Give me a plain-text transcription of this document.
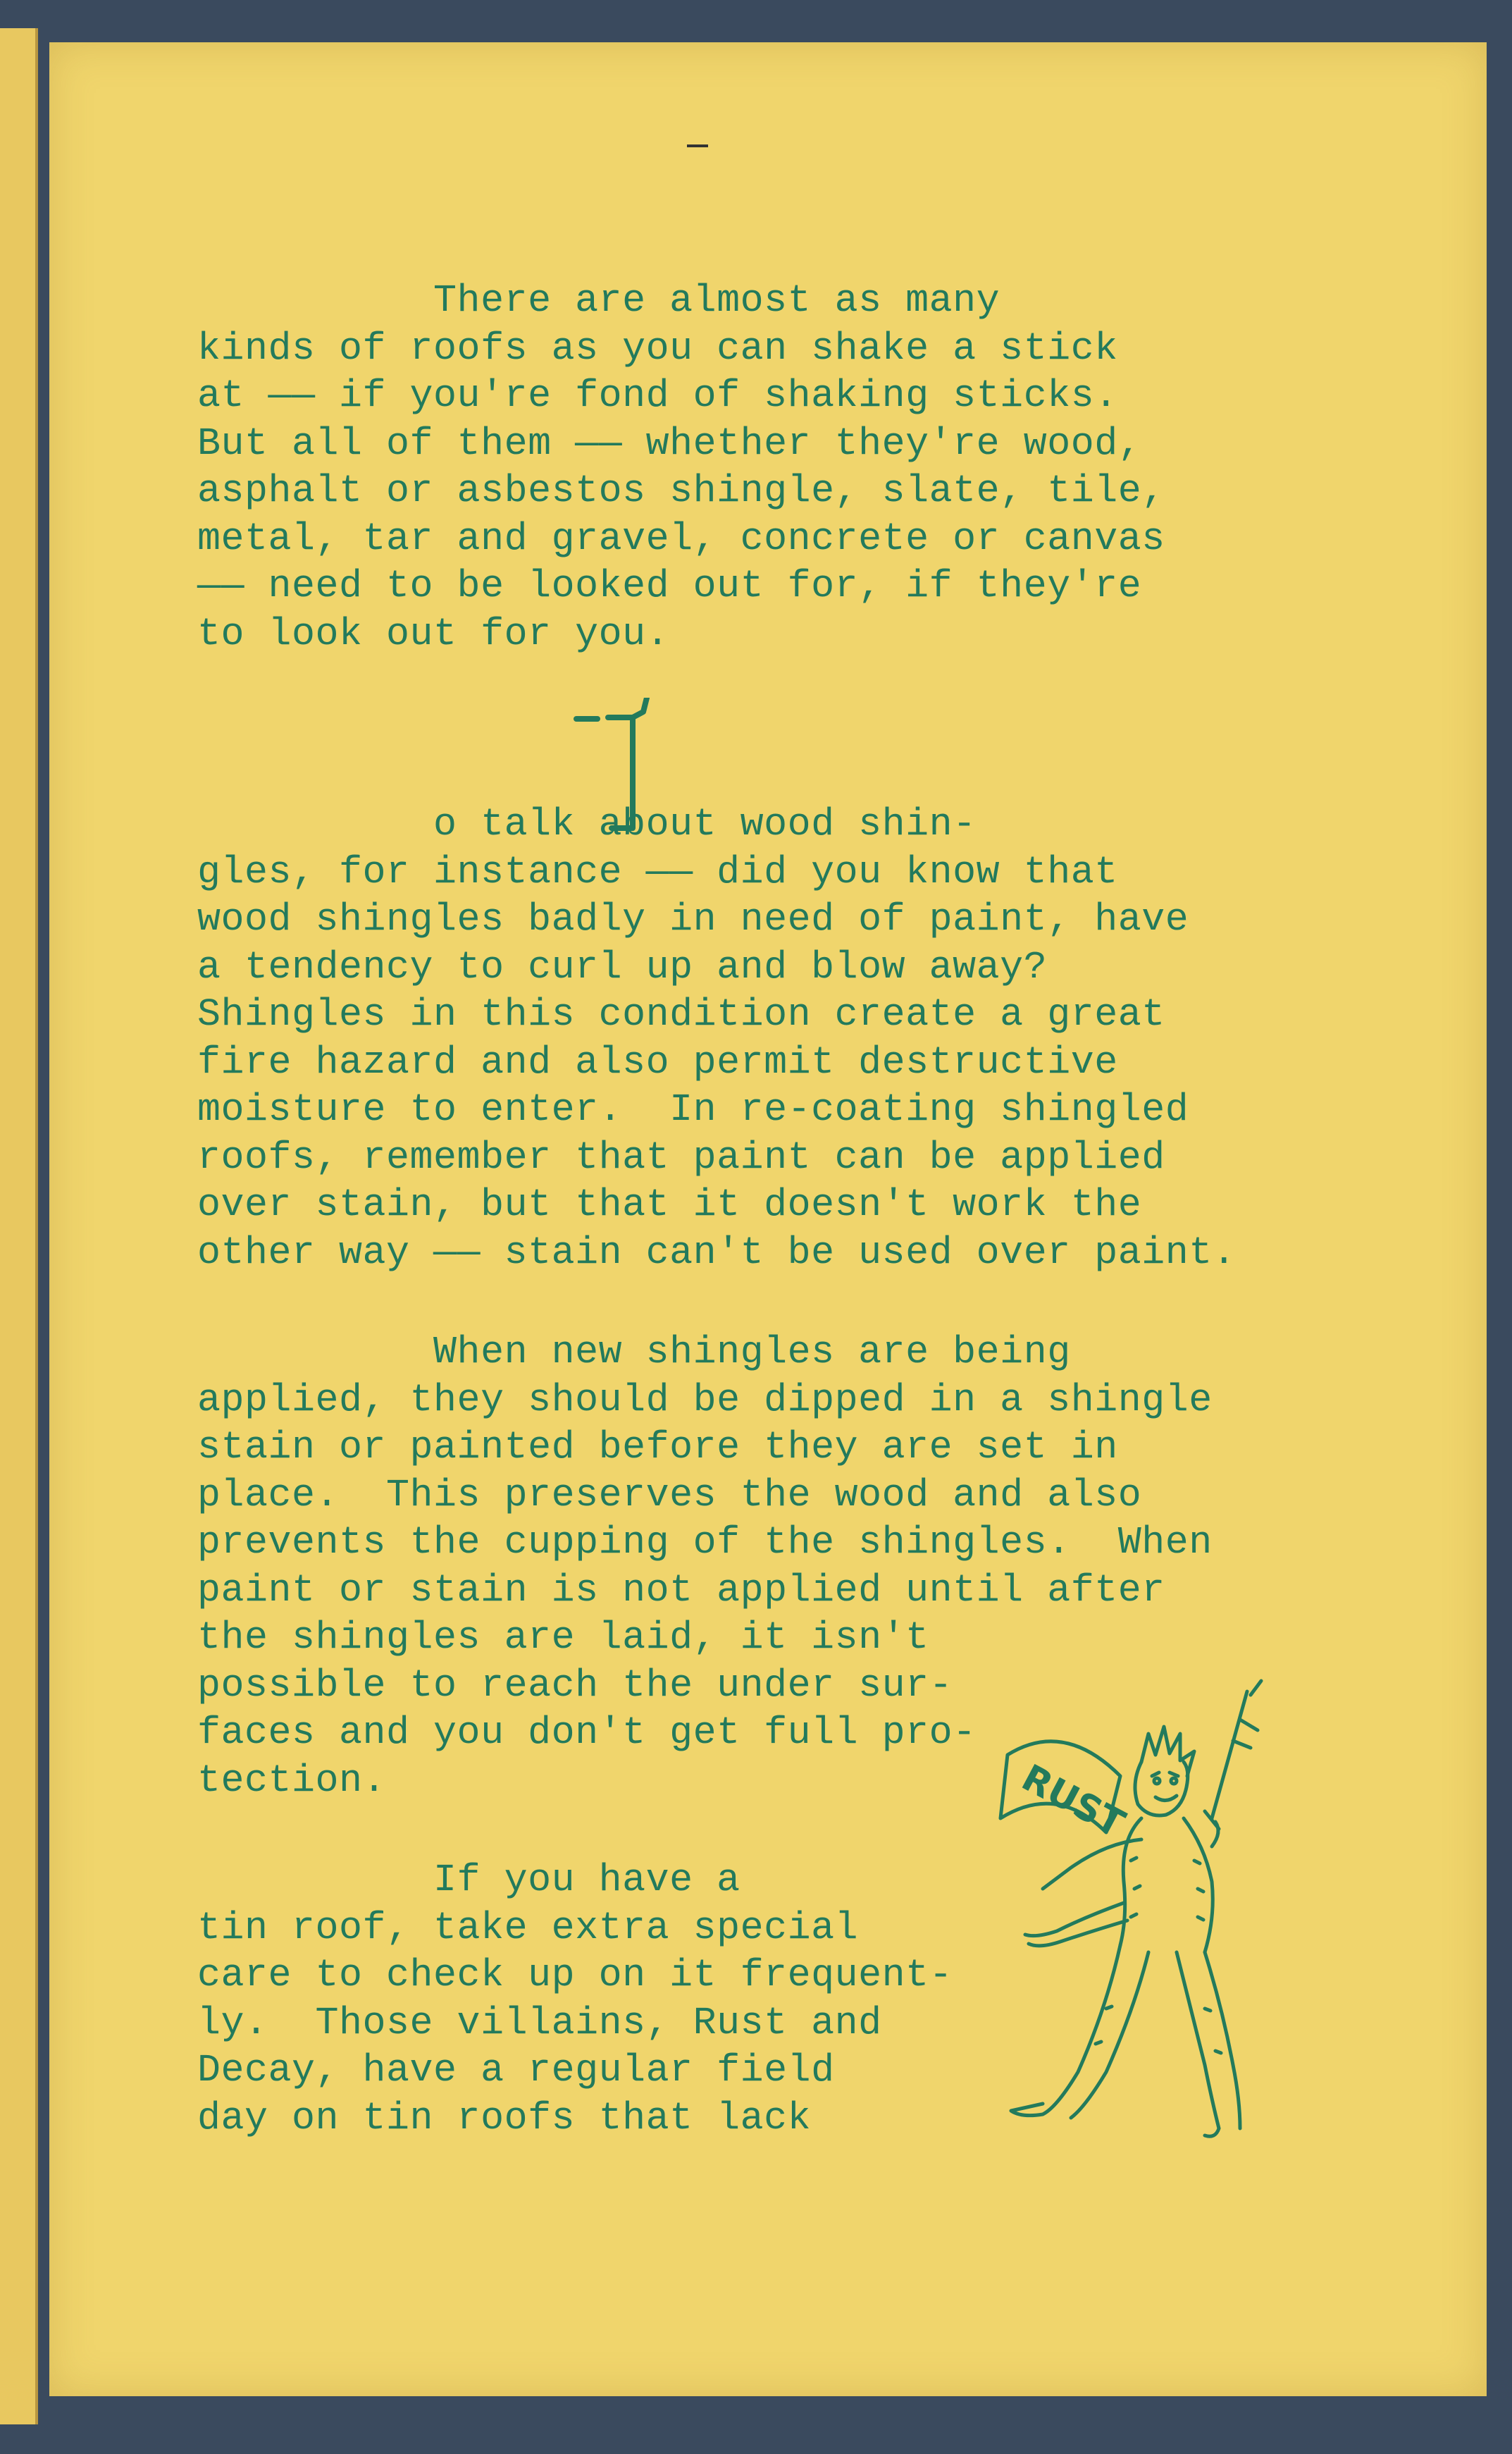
There are almost as many
kinds of roofs as you can shake a stick
at —— if you're fond of shaking sticks.
But all of them —— whether they're wood,
asphalt or asbestos shingle, slate, tile,
metal, tar and gravel, concrete or canvas
—— need to be looked out for, if they're
to look out for you.
o talk about wood shin-
gles, for instance —— did you know that
wood shingles badly in need of paint, have
a tendency to curl up and blow away?
Shingles in this condition create a great
fire hazard and also permit destructive
moisture to enter.  In re-coating shingled
roofs, remember that paint can be applied
over stain, but that it doesn't work the
other way —— stain can't be used over paint.
When new shingles are being
applied, they should be dipped in a shingle
stain or painted before they are set in
place.  This preserves the wood and also
prevents the cupping of the shingles.  When
paint or stain is not applied until after
the shingles are laid, it isn't
possible to reach the under sur-
faces and you don't get full pro-
tection.
If you have a
tin roof, take extra special
care to check up on it frequent-
ly.  Those villains, Rust and
Decay, have a regular field
day on tin roofs that lack
RUST
